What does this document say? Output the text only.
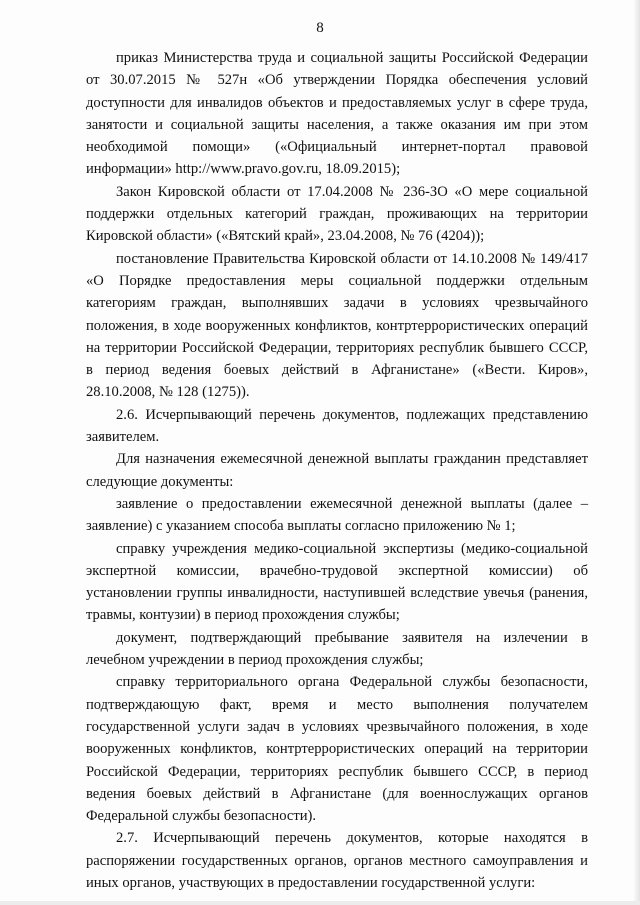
8

приказ Министерства труда и социальной защиты Российской Федерации от 30.07.2015 № 527н «Об утверждении Порядка обеспечения условий доступности для инвалидов объектов и предоставляемых услуг в сфере труда, занятости и социальной защиты населения, а также оказания им при этом необходимой помощи» («Официальный интернет-портал правовой информации» http://www.pravo.gov.ru, 18.09.2015);

Закон Кировской области от 17.04.2008 № 236-ЗО «О мере социальной поддержки отдельных категорий граждан, проживающих на территории Кировской области» («Вятский край», 23.04.2008, № 76 (4204));

постановление Правительства Кировской области от 14.10.2008 № 149/417 «О Порядке предоставления меры социальной поддержки отдельным категориям граждан, выполнявших задачи в условиях чрезвычайного положения, в ходе вооруженных конфликтов, контртеррористических операций на территории Российской Федерации, территориях республик бывшего СССР, в период ведения боевых действий в Афганистане» («Вести. Киров», 28.10.2008, № 128 (1275)).

2.6. Исчерпывающий перечень документов, подлежащих представлению заявителем.

Для назначения ежемесячной денежной выплаты гражданин представляет следующие документы:

заявление о предоставлении ежемесячной денежной выплаты (далее – заявление) с указанием способа выплаты согласно приложению № 1;

справку учреждения медико-социальной экспертизы (медико-социальной экспертной комиссии, врачебно-трудовой экспертной комиссии) об установлении группы инвалидности, наступившей вследствие увечья (ранения, травмы, контузии) в период прохождения службы;

документ, подтверждающий пребывание заявителя на излечении в лечебном учреждении в период прохождения службы;

справку территориального органа Федеральной службы безопасности, подтверждающую факт, время и место выполнения получателем государственной услуги задач в условиях чрезвычайного положения, в ходе вооруженных конфликтов, контртеррористических операций на территории Российской Федерации, территориях республик бывшего СССР, в период ведения боевых действий в Афганистане (для военнослужащих органов Федеральной службы безопасности).

2.7. Исчерпывающий перечень документов, которые находятся в распоряжении государственных органов, органов местного самоуправления и иных органов, участвующих в предоставлении государственной услуги:
